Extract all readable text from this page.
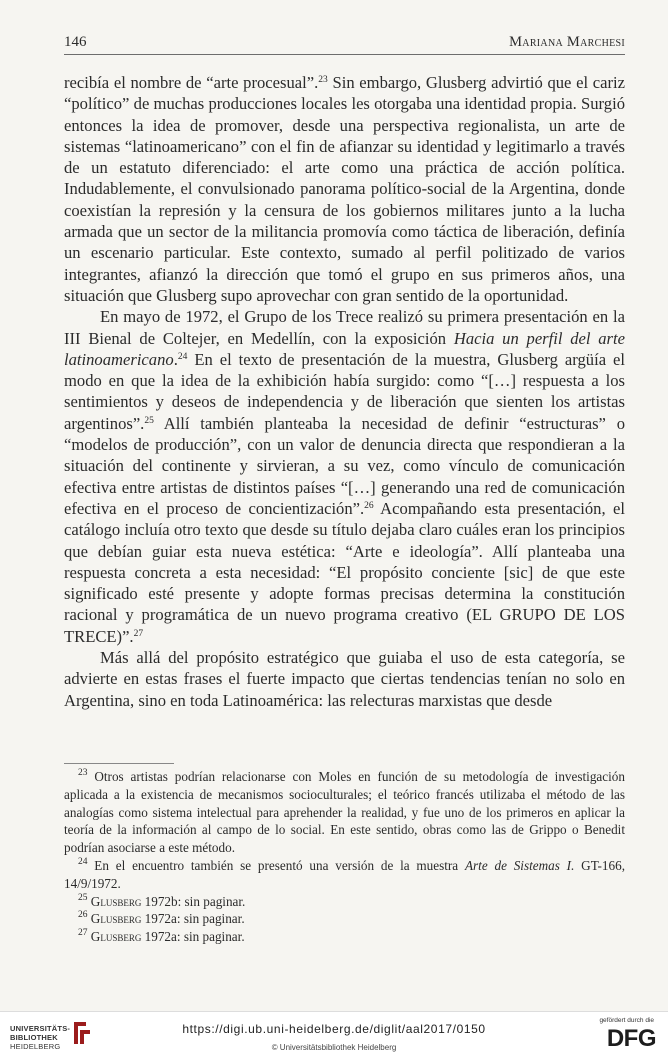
146	Mariana Marchesi

recibía el nombre de “arte procesual”.$^{23}$ Sin embargo, Glusberg advirtió que el cariz “político” de muchas producciones locales les otorgaba una identidad propia. Surgió entonces la idea de promover, desde una perspectiva regionalista, un arte de sistemas “latinoamericano” con el fin de afianzar su identidad y legitimarlo a través de un estatuto diferenciado: el arte como una práctica de acción política. Indudablemente, el convulsionado panorama político-social de la Argentina, donde coexistían la represión y la censura de los gobiernos militares junto a la lucha armada que un sector de la militancia promovía como táctica de liberación, definía un escenario particular. Este contexto, sumado al perfil politizado de varios integrantes, afianzó la dirección que tomó el grupo en sus primeros años, una situación que Glusberg supo aprovechar con gran sentido de la oportunidad.

En mayo de 1972, el Grupo de los Trece realizó su primera presentación en la III Bienal de Coltejer, en Medellín, con la exposición Hacia un perfil del arte latinoamericano.$^{24}$ En el texto de presentación de la muestra, Glusberg argüía el modo en que la idea de la exhibición había surgido: como “[…] respuesta a los sentimientos y deseos de independencia y de liberación que sienten los artistas argentinos”.$^{25}$ Allí también planteaba la necesidad de definir “estructuras” o “modelos de producción”, con un valor de denuncia directa que respondieran a la situación del continente y sirvieran, a su vez, como vínculo de comunicación efectiva entre artistas de distintos países “[…] generando una red de comunicación efectiva en el proceso de concientización”.$^{26}$ Acompañando esta presentación, el catálogo incluía otro texto que desde su título dejaba claro cuáles eran los principios que debían guiar esta nueva estética: “Arte e ideología”. Allí planteaba una respuesta concreta a esta necesidad: “El propósito conciente [sic] de que este significado esté presente y adopte formas precisas determina la constitución racional y programática de un nuevo programa creativo (EL GRUPO DE LOS TRECE)”.$^{27}$

Más allá del propósito estratégico que guiaba el uso de esta categoría, se advierte en estas frases el fuerte impacto que ciertas tendencias tenían no solo en Argentina, sino en toda Latinoamérica: las relecturas marxistas que desde

$^{23}$ Otros artistas podrían relacionarse con Moles en función de su metodología de investigación aplicada a la existencia de mecanismos socioculturales; el teórico francés utilizaba el método de las analogías como sistema intelectual para aprehender la realidad, y fue uno de los primeros en aplicar la teoría de la información al campo de lo social. En este sentido, obras como las de Grippo o Benedit podrían asociarse a este método.

$^{24}$ En el encuentro también se presentó una versión de la muestra Arte de Sistemas I. GT-166, 14/9/1972.

$^{25}$ Glusberg 1972b: sin paginar.

$^{26}$ Glusberg 1972a: sin paginar.

$^{27}$ Glusberg 1972a: sin paginar.

UNIVERSITÄTS-
BIBLIOTHEK
HEIDELBERG
https://digi.ub.uni-heidelberg.de/diglit/aal2017/0150
© Universitätsbibliothek Heidelberg
gefördert durch die
DFG
